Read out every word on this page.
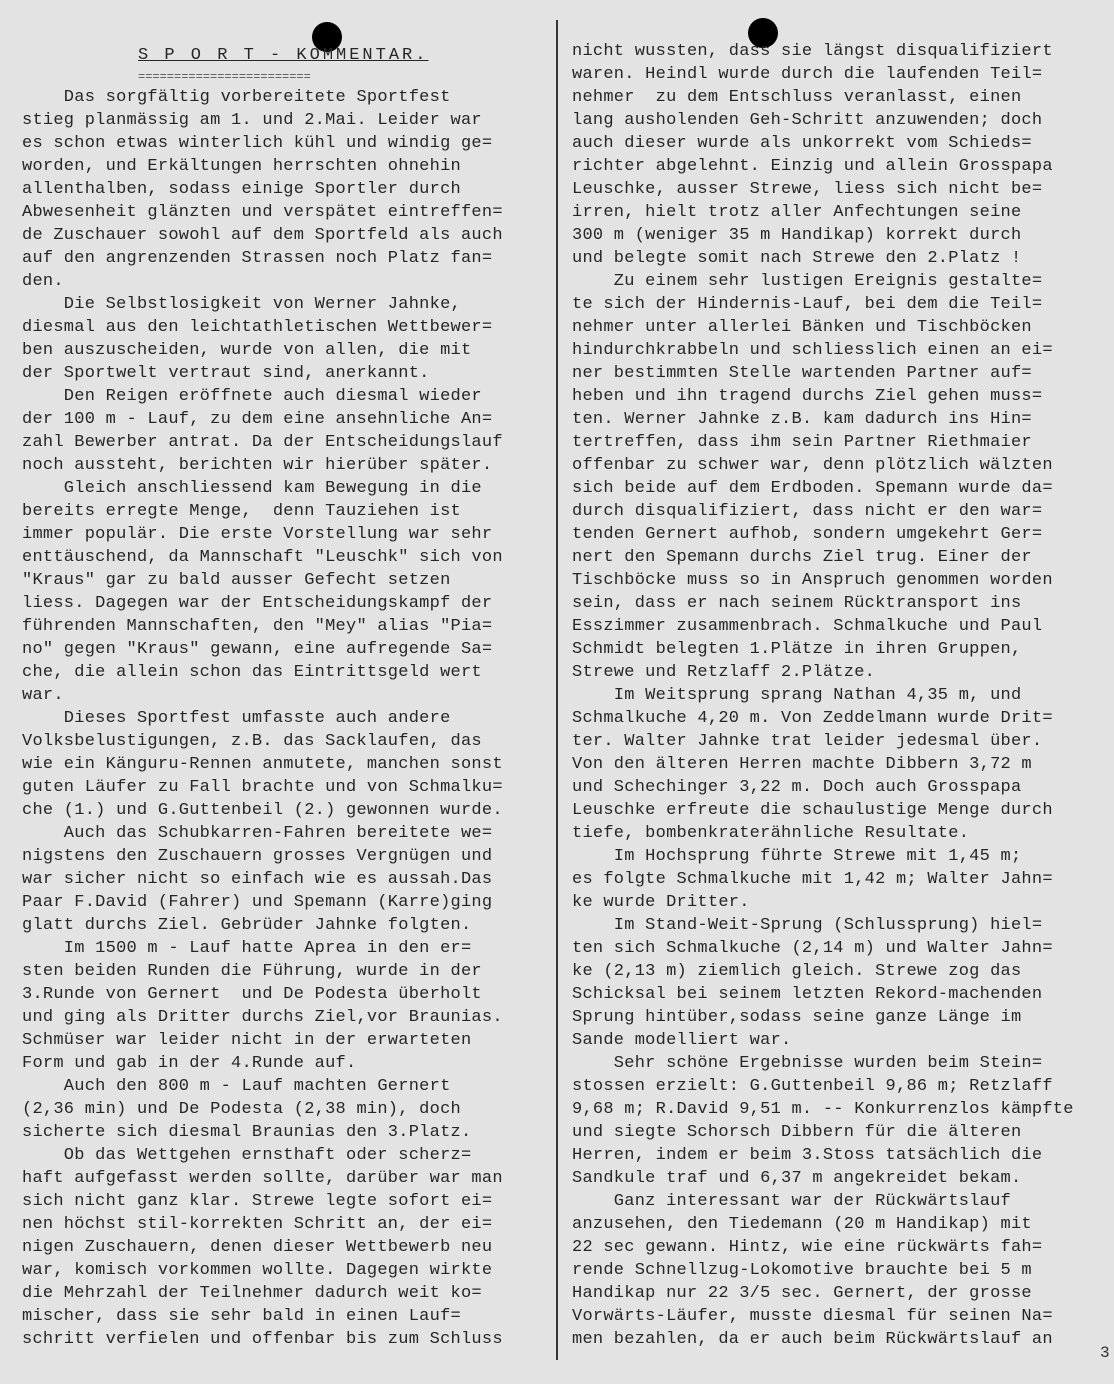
S P O R T - KOMMENTAR.
========================
Das sorgfältig vorbereitete Sportfest
stieg planmässig am 1. und 2.Mai. Leider war
es schon etwas winterlich kühl und windig ge=
worden, und Erkältungen herrschten ohnehin
allenthalben, sodass einige Sportler durch
Abwesenheit glänzten und verspätet eintreffen=
de Zuschauer sowohl auf dem Sportfeld als auch
auf den angrenzenden Strassen noch Platz fan=
den.
Die Selbstlosigkeit von Werner Jahnke,
diesmal aus den leichtathletischen Wettbewer=
ben auszuscheiden, wurde von allen, die mit
der Sportwelt vertraut sind, anerkannt.
Den Reigen eröffnete auch diesmal wieder
der 100 m - Lauf, zu dem eine ansehnliche An=
zahl Bewerber antrat. Da der Entscheidungslauf
noch aussteht, berichten wir hierüber später.
Gleich anschliessend kam Bewegung in die
bereits erregte Menge,  denn Tauziehen ist
immer populär. Die erste Vorstellung war sehr
enttäuschend, da Mannschaft "Leuschk" sich von
"Kraus" gar zu bald ausser Gefecht setzen
liess. Dagegen war der Entscheidungskampf der
führenden Mannschaften, den "Mey" alias "Pia=
no" gegen "Kraus" gewann, eine aufregende Sa=
che, die allein schon das Eintrittsgeld wert
war.
Dieses Sportfest umfasste auch andere
Volksbelustigungen, z.B. das Sacklaufen, das
wie ein Känguru-Rennen anmutete, manchen sonst
guten Läufer zu Fall brachte und von Schmalku=
che (1.) und G.Guttenbeil (2.) gewonnen wurde.
Auch das Schubkarren-Fahren bereitete we=
nigstens den Zuschauern grosses Vergnügen und
war sicher nicht so einfach wie es aussah.Das
Paar F.David (Fahrer) und Spemann (Karre)ging
glatt durchs Ziel. Gebrüder Jahnke folgten.
Im 1500 m - Lauf hatte Aprea in den er=
sten beiden Runden die Führung, wurde in der
3.Runde von Gernert  und De Podesta überholt
und ging als Dritter durchs Ziel,vor Braunias.
Schmüser war leider nicht in der erwarteten
Form und gab in der 4.Runde auf.
Auch den 800 m - Lauf machten Gernert
(2,36 min) und De Podesta (2,38 min), doch
sicherte sich diesmal Braunias den 3.Platz.
Ob das Wettgehen ernsthaft oder scherz=
haft aufgefasst werden sollte, darüber war man
sich nicht ganz klar. Strewe legte sofort ei=
nen höchst stil-korrekten Schritt an, der ei=
nigen Zuschauern, denen dieser Wettbewerb neu
war, komisch vorkommen wollte. Dagegen wirkte
die Mehrzahl der Teilnehmer dadurch weit ko=
mischer, dass sie sehr bald in einen Lauf=
schritt verfielen und offenbar bis zum Schluss
nicht wussten, dass sie längst disqualifiziert
waren. Heindl wurde durch die laufenden Teil=
nehmer  zu dem Entschluss veranlasst, einen
lang ausholenden Geh-Schritt anzuwenden; doch
auch dieser wurde als unkorrekt vom Schieds=
richter abgelehnt. Einzig und allein Grosspapa
Leuschke, ausser Strewe, liess sich nicht be=
irren, hielt trotz aller Anfechtungen seine
300 m (weniger 35 m Handikap) korrekt durch
und belegte somit nach Strewe den 2.Platz !
Zu einem sehr lustigen Ereignis gestalte=
te sich der Hindernis-Lauf, bei dem die Teil=
nehmer unter allerlei Bänken und Tischböcken
hindurchkrabbeln und schliesslich einen an ei=
ner bestimmten Stelle wartenden Partner auf=
heben und ihn tragend durchs Ziel gehen muss=
ten. Werner Jahnke z.B. kam dadurch ins Hin=
tertreffen, dass ihm sein Partner Riethmaier
offenbar zu schwer war, denn plötzlich wälzten
sich beide auf dem Erdboden. Spemann wurde da=
durch disqualifiziert, dass nicht er den war=
tenden Gernert aufhob, sondern umgekehrt Ger=
nert den Spemann durchs Ziel trug. Einer der
Tischböcke muss so in Anspruch genommen worden
sein, dass er nach seinem Rücktransport ins
Esszimmer zusammenbrach. Schmalkuche und Paul
Schmidt belegten 1.Plätze in ihren Gruppen,
Strewe und Retzlaff 2.Plätze.
Im Weitsprung sprang Nathan 4,35 m, und
Schmalkuche 4,20 m. Von Zeddelmann wurde Drit=
ter. Walter Jahnke trat leider jedesmal über.
Von den älteren Herren machte Dibbern 3,72 m
und Schechinger 3,22 m. Doch auch Grosspapa
Leuschke erfreute die schaulustige Menge durch
tiefe, bombenkraterähnliche Resultate.
Im Hochsprung führte Strewe mit 1,45 m;
es folgte Schmalkuche mit 1,42 m; Walter Jahn=
ke wurde Dritter.
Im Stand-Weit-Sprung (Schlussprung) hiel=
ten sich Schmalkuche (2,14 m) und Walter Jahn=
ke (2,13 m) ziemlich gleich. Strewe zog das
Schicksal bei seinem letzten Rekord-machenden
Sprung hintüber,sodass seine ganze Länge im
Sande modelliert war.
Sehr schöne Ergebnisse wurden beim Stein=
stossen erzielt: G.Guttenbeil 9,86 m; Retzlaff
9,68 m; R.David 9,51 m. -- Konkurrenzlos kämpfte
und siegte Schorsch Dibbern für die älteren
Herren, indem er beim 3.Stoss tatsächlich die
Sandkule traf und 6,37 m angekreidet bekam.
Ganz interessant war der Rückwärtslauf
anzusehen, den Tiedemann (20 m Handikap) mit
22 sec gewann. Hintz, wie eine rückwärts fah=
rende Schnellzug-Lokomotive brauchte bei 5 m
Handikap nur 22 3/5 sec. Gernert, der grosse
Vorwärts-Läufer, musste diesmal für seinen Na=
men bezahlen, da er auch beim Rückwärtslauf an
3
